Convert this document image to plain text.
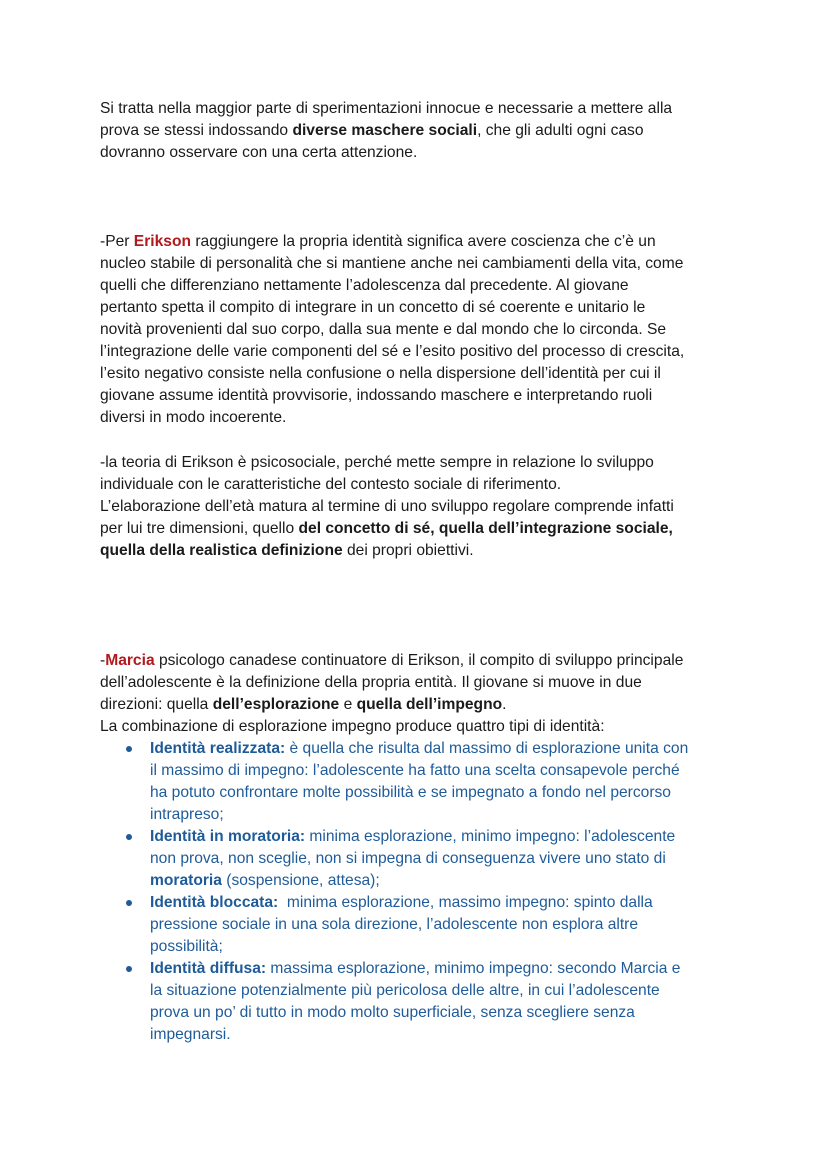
Si tratta nella maggior parte di sperimentazioni innocue e necessarie a mettere alla
prova se stessi indossando diverse maschere sociali, che gli adulti ogni caso
dovranno osservare con una certa attenzione.

-Per Erikson raggiungere la propria identità significa avere coscienza che c’è un
nucleo stabile di personalità che si mantiene anche nei cambiamenti della vita, come
quelli che differenziano nettamente l’adolescenza dal precedente. Al giovane
pertanto spetta il compito di integrare in un concetto di sé coerente e unitario le
novità provenienti dal suo corpo, dalla sua mente e dal mondo che lo circonda. Se
l’integrazione delle varie componenti del sé e l’esito positivo del processo di crescita,
l’esito negativo consiste nella confusione o nella dispersione dell’identità per cui il
giovane assume identità provvisorie, indossando maschere e interpretando ruoli
diversi in modo incoerente.

-la teoria di Erikson è psicosociale, perché mette sempre in relazione lo sviluppo
individuale con le caratteristiche del contesto sociale di riferimento.
L’elaborazione dell’età matura al termine di uno sviluppo regolare comprende infatti
per lui tre dimensioni, quello del concetto di sé, quella dell’integrazione sociale,
quella della realistica definizione dei propri obiettivi.

-Marcia psicologo canadese continuatore di Erikson, il compito di sviluppo principale
dell’adolescente è la definizione della propria entità. Il giovane si muove in due
direzioni: quella dell’esplorazione e quella dell’impegno.
La combinazione di esplorazione impegno produce quattro tipi di identità:

Identità realizzata: è quella che risulta dal massimo di esplorazione unita con
il massimo di impegno: l’adolescente ha fatto una scelta consapevole perché
ha potuto confrontare molte possibilità e se impegnato a fondo nel percorso
intrapreso;
Identità in moratoria: minima esplorazione, minimo impegno: l’adolescente
non prova, non sceglie, non si impegna di conseguenza vivere uno stato di
moratoria (sospensione, attesa);
Identità bloccata:  minima esplorazione, massimo impegno: spinto dalla
pressione sociale in una sola direzione, l’adolescente non esplora altre
possibilità;
Identità diffusa: massima esplorazione, minimo impegno: secondo Marcia e
la situazione potenzialmente più pericolosa delle altre, in cui l’adolescente
prova un po’ di tutto in modo molto superficiale, senza scegliere senza
impegnarsi.
